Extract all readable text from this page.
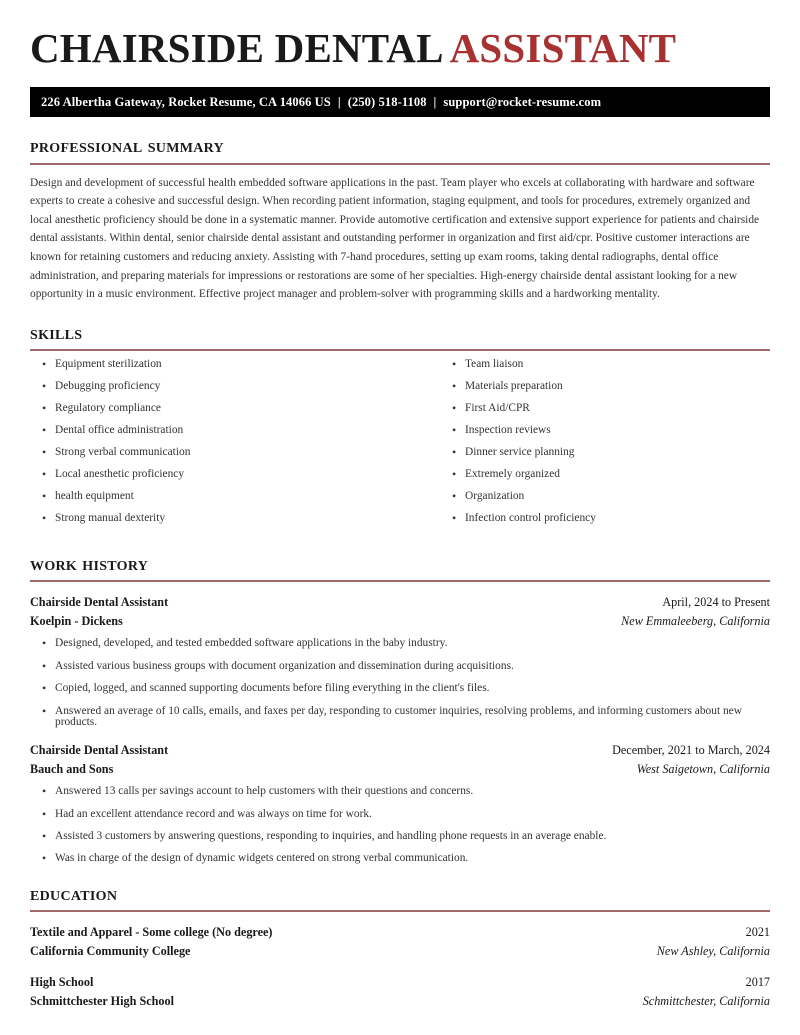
CHAIRSIDE DENTAL ASSISTANT
226 Albertha Gateway, Rocket Resume, CA 14066 US | (250) 518-1108 | support@rocket-resume.com
professional summary

Design and development of successful health embedded software applications in the past. Team player who excels at collaborating with hardware and software experts to create a cohesive and successful design. When recording patient information, staging equipment, and tools for procedures, extremely organized and local anesthetic proficiency should be done in a systematic manner. Provide automotive certification and extensive support experience for patients and chairside dental assistants. Within dental, senior chairside dental assistant and outstanding performer in organization and first aid/cpr. Positive customer interactions are known for retaining customers and reducing anxiety. Assisting with 7-hand procedures, setting up exam rooms, taking dental radiographs, dental office administration, and preparing materials for impressions or restorations are some of her specialties. High-energy chairside dental assistant looking for a new opportunity in a music environment. Effective project manager and problem-solver with programming skills and a hardworking mentality.

skills
• Equipment sterilization
• Debugging proficiency
• Regulatory compliance
• Dental office administration
• Strong verbal communication
• Local anesthetic proficiency
• health equipment
• Strong manual dexterity
• Team liaison
• Materials preparation
• First Aid/CPR
• Inspection reviews
• Dinner service planning
• Extremely organized
• Organization
• Infection control proficiency
work history
Chairside Dental Assistant	April, 2024 to Present
Koelpin - Dickens	New Emmaleeberg, California
• Designed, developed, and tested embedded software applications in the baby industry.
• Assisted various business groups with document organization and dissemination during acquisitions.
• Copied, logged, and scanned supporting documents before filing everything in the client's files.
• Answered an average of 10 calls, emails, and faxes per day, responding to customer inquiries, resolving problems, and informing customers about new products.
Chairside Dental Assistant	December, 2021 to March, 2024
Bauch and Sons	West Saigetown, California
• Answered 13 calls per savings account to help customers with their questions and concerns.
• Had an excellent attendance record and was always on time for work.
• Assisted 3 customers by answering questions, responding to inquiries, and handling phone requests in an average enable.
• Was in charge of the design of dynamic widgets centered on strong verbal communication.
education
Textile and Apparel - Some college (No degree)	2021
California Community College	New Ashley, California
High School	2017
Schmittchester High School	Schmittchester, California
